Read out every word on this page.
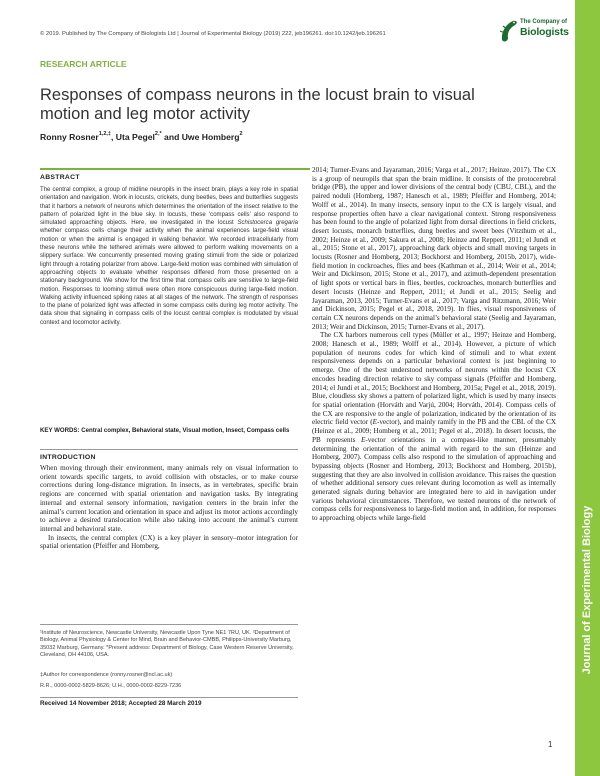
© 2019. Published by The Company of Biologists Ltd | Journal of Experimental Biology (2019) 222, jeb196261. doi:10.1242/jeb.196261
The Company of
Biologists
RESEARCH ARTICLE
Responses of compass neurons in the locust brain to visual motion and leg motor activity
Ronny Rosner$^{1,2,\ddagger}$, Uta Pegel$^{2,*}$ and Uwe Homberg$^2$
ABSTRACT
The central complex, a group of midline neuropils in the insect brain, plays a key role in spatial orientation and navigation. Work in locusts, crickets, dung beetles, bees and butterflies suggests that it harbors a network of neurons which determines the orientation of the insect relative to the pattern of polarized light in the blue sky. In locusts, these ‘compass cells’ also respond to simulated approaching objects. Here, we investigated in the locust Schistocerca gregaria whether compass cells change their activity when the animal experiences large-field visual motion or when the animal is engaged in walking behavior. We recorded intracellularly from these neurons while the tethered animals were allowed to perform walking movements on a slippery surface. We concurrently presented moving grating stimuli from the side or polarized light through a rotating polarizer from above. Large-field motion was combined with simulation of approaching objects to evaluate whether responses differed from those presented on a stationary background. We show for the first time that compass cells are sensitive to large-field motion. Responses to looming stimuli were often more conspicuous during large-field motion. Walking activity influenced spiking rates at all stages of the network. The strength of responses to the plane of polarized light was affected in some compass cells during leg motor activity. The data show that signaling in compass cells of the locust central complex is modulated by visual context and locomotor activity.
KEY WORDS: Central complex, Behavioral state, Visual motion, Insect, Compass cells
INTRODUCTION

When moving through their environment, many animals rely on visual information to orient towards specific targets, to avoid collision with obstacles, or to make course corrections during long-distance migration. In insects, as in vertebrates, specific brain regions are concerned with spatial orientation and navigation tasks. By integrating internal and external sensory information, navigation centers in the brain infer the animal’s current location and orientation in space and adjust its motor actions accordingly to achieve a desired translocation while also taking into account the animal’s current internal and behavioral state.

In insects, the central complex (CX) is a key player in sensory–motor integration for spatial orientation (Pfeiffer and Homberg,

¹Institute of Neuroscience, Newcastle University, Newcastle Upon Tyne NE1 7RU, UK. ²Department of Biology, Animal Physiology & Center for Mind, Brain and Behavior-CMBB, Philipps-University Marburg, 35032 Marburg, Germany. *Present address: Department of Biology, Case Western Reserve University, Cleveland, OH 44106, USA.
‡Author for correspondence (ronny.rosner@ncl.ac.uk)
R.R., 0000-0002-5829-8626; U.H., 0000-0002-8229-7236
Received 14 November 2018; Accepted 28 March 2019

2014; Turner-Evans and Jayaraman, 2016; Varga et al., 2017; Heinze, 2017). The CX is a group of neuropils that span the brain midline. It consists of the protocerebral bridge (PB), the upper and lower divisions of the central body (CBU, CBL), and the paired noduli (Homberg, 1987; Hanesch et al., 1989; Pfeiffer and Homberg, 2014; Wolff et al., 2014). In many insects, sensory input to the CX is largely visual, and response properties often have a clear navigational context. Strong responsiveness has been found to the angle of polarized light from dorsal directions in field crickets, desert locusts, monarch butterflies, dung beetles and sweet bees (Vitzthum et al., 2002; Heinze et al., 2009; Sakura et al., 2008; Heinze and Reppert, 2011; el Jundi et al., 2015; Stone et al., 2017), approaching dark objects and small moving targets in locusts (Rosner and Homberg, 2013; Bockhorst and Homberg, 2015b, 2017), wide-field motion in cockroaches, flies and bees (Kathman et al., 2014; Weir et al., 2014; Weir and Dickinson, 2015; Stone et al., 2017), and azimuth-dependent presentation of light spots or vertical bars in flies, beetles, cockroaches, monarch butterflies and desert locusts (Heinze and Reppert, 2011; el Jundi et al., 2015; Seelig and Jayaraman, 2013, 2015; Turner-Evans et al., 2017; Varga and Ritzmann, 2016; Weir and Dickinson, 2015; Pegel et al., 2018, 2019). In flies, visual responsiveness of certain CX neurons depends on the animal’s behavioral state (Seelig and Jayaraman, 2013; Weir and Dickinson, 2015; Turner-Evans et al., 2017).

The CX harbors numerous cell types (Müller et al., 1997; Heinze and Homberg, 2008; Hanesch et al., 1989; Wolff et al., 2014). However, a picture of which population of neurons codes for which kind of stimuli and to what extent responsiveness depends on a particular behavioral context is just beginning to emerge. One of the best understood networks of neurons within the locust CX encodes heading direction relative to sky compass signals (Pfeiffer and Homberg, 2014; el Jundi et al., 2015; Bockhorst and Homberg, 2015a; Pegel et al., 2018, 2019). Blue, cloudless sky shows a pattern of polarized light, which is used by many insects for spatial orientation (Horváth and Varjú, 2004; Horváth, 2014). Compass cells of the CX are responsive to the angle of polarization, indicated by the orientation of its electric field vector (E-vector), and mainly ramify in the PB and the CBL of the CX (Heinze et al., 2009; Homberg et al., 2011; Pegel et al., 2018). In desert locusts, the PB represents E-vector orientations in a compass-like manner, presumably determining the orientation of the animal with regard to the sun (Heinze and Homberg, 2007). Compass cells also respond to the simulation of approaching and bypassing objects (Rosner and Homberg, 2013; Bockhorst and Homberg, 2015b), suggesting that they are also involved in collision avoidance. This raises the question of whether additional sensory cues relevant during locomotion as well as internally generated signals during behavior are integrated here to aid in navigation under various behavioral circumstances. Therefore, we tested neurons of the network of compass cells for responsiveness to large-field motion and, in addition, for responses to approaching objects while large-field	Journal of Experimental Biology
1
